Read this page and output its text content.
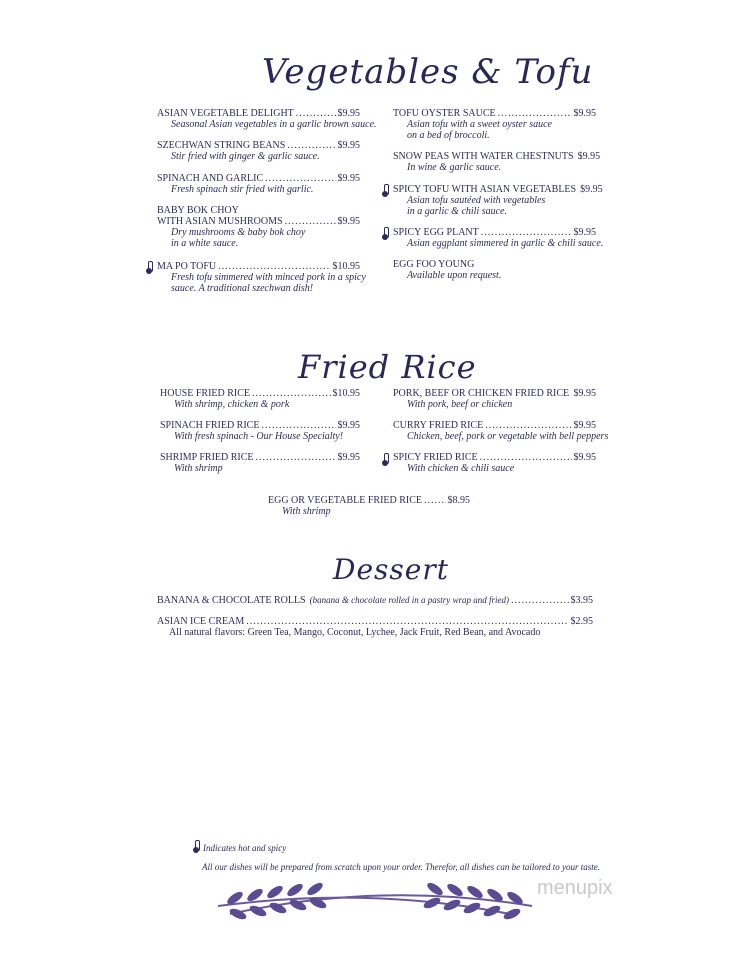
Vegetables & Tofu
Fried Rice
Dessert
ASIAN VEGETABLE DELIGHT .....	$9.95
Seasonal Asian vegetables in a garlic brown sauce.
SZECHWAN STRING BEANS .....	$9.95
Stir fried with ginger & garlic sauce.
SPINACH AND GARLIC .....	$9.95
Fresh spinach stir fried with garlic.
BABY BOK CHOY
WITH ASIAN MUSHROOMS .....	$9.95
Dry mushrooms & baby bok choy
in a white sauce.
MA PO TOFU .....	$10.95
Fresh tofu simmered with minced pork in a spicy
sauce. A traditional szechwan dish!
TOFU OYSTER SAUCE .....	$9.95
Asian tofu with a sweet oyster sauce
on a bed of broccoli.
SNOW PEAS WITH WATER CHESTNUTS $9.95
In wine & garlic sauce.
SPICY TOFU WITH ASIAN VEGETABLES $9.95
Asian tofu sautéed with vegetables
in a garlic & chili sauce.
SPICY EGG PLANT .....	$9.95
Asian eggplant simmered in garlic & chili sauce.
EGG FOO YOUNG
Available upon request.
HOUSE FRIED RICE .....	$10.95
With shrimp, chicken & pork
SPINACH FRIED RICE .....	$9.95
With fresh spinach - Our House Specialty!
SHRIMP FRIED RICE .....	$9.95
With shrimp
PORK, BEEF OR CHICKEN FRIED RICE ..... $9.95
With pork, beef or chicken
CURRY FRIED RICE .....	$9.95
Chicken, beef, pork or vegetable with bell peppers
SPICY FRIED RICE .....	$9.95
With chicken & chili sauce
EGG OR VEGETABLE FRIED RICE .....	$8.95
With shrimp
BANANA & CHOCOLATE ROLLS (banana & chocolate rolled in a pastry wrap and fried) .....	$3.95
ASIAN ICE CREAM .....	$2.95
All natural flavors: Green Tea, Mango, Coconut, Lychee, Jack Fruit, Red Bean, and Avocado
Indicates hot and spicy
All our dishes will be prepared from scratch upon your order. Therefor, all dishes can be tailored to your taste.
menupix
